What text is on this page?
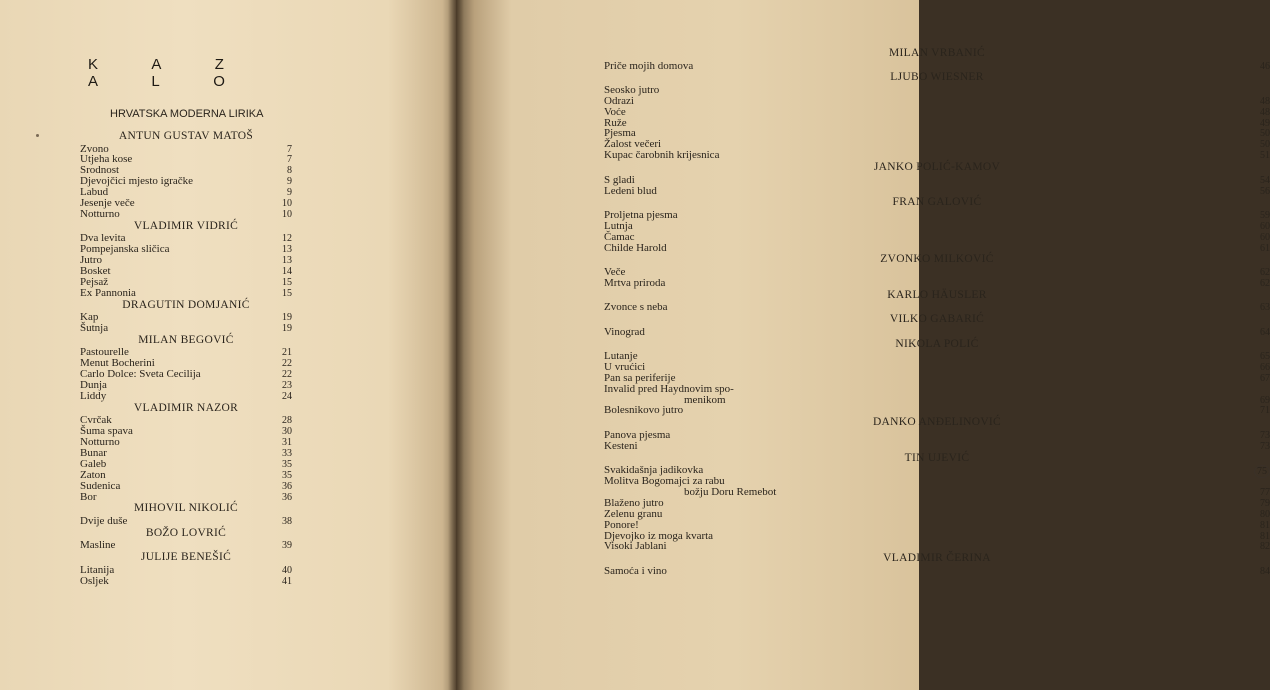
K A Z A L O
HRVATSKA MODERNA LIRIKA
ANTUN GUSTAV MATOŠ
Zvono	7
Utjeha kose	7
Srodnost	8
Djevojčici mjesto igračke	9
Labud	9
Jesenje veče	10
Notturno	10
VLADIMIR VIDRIĆ
Dva levita	12
Pompejanska sličica	13
Jutro	13
Bosket	14
Pejsaž	15
Ex Pannonia	15
DRAGUTIN DOMJANIĆ
Kap	19
Šutnja	19
MILAN BEGOVIĆ
Pastourelle	21
Menut Bocherini	22
Carlo Dolce: Sveta Cecilija	22
Dunja	23
Liddy	24
VLADIMIR NAZOR
Cvrčak	28
Šuma spava	30
Notturno	31
Bunar	33
Galeb	35
Zaton	35
Sudenica	36
Bor	36
MIHOVIL NIKOLIĆ
Dvije duše	38
BOŽO LOVRIĆ
Masline	39
JULIJE BENEŠIĆ
Litanija	40
Osljek	41
MILAN VRBANIĆ
Priče mojih domova	46
LJUBO WIESNER
Seosko jutro
Odrazi	48
Voće	48
Ruže	49
Pjesma	50
Žalost večeri	50
Kupac čarobnih krijesnica	51
JANKO POLIĆ-KAMOV
S gladi	54
Ledeni blud	56
FRAN GALOVIĆ
Proljetna pjesma	59
Lutnja	60
Čamac	60
Childe Harold	61
ZVONKO MILKOVIĆ
Veče	62
Mrtva priroda	62
KARLO HÄUSLER
Zvonce s neba	63
VILKO GABARIĆ
Vinograd	64
NIKOLA POLIĆ
Lutanje	65
U vrućici	66
Pan sa periferije	67
Invalid pred Haydnovim spo-
menikom	69
Bolesnikovo jutro	71
DANKO ANĐELINOVIĆ
Panova pjesma	73
Kesteni	73
TIN UJEVIĆ
Svakidašnja jadikovka	75
Molitva Bogomajci za rabu
božju Doru Remebot	77
Blaženo jutro	79
Zelenu granu	80
Ponore!	81
Djevojko iz moga kvarta	81
Visoki Jablani	82
VLADIMIR ČERINA
Samoća i vino	84
